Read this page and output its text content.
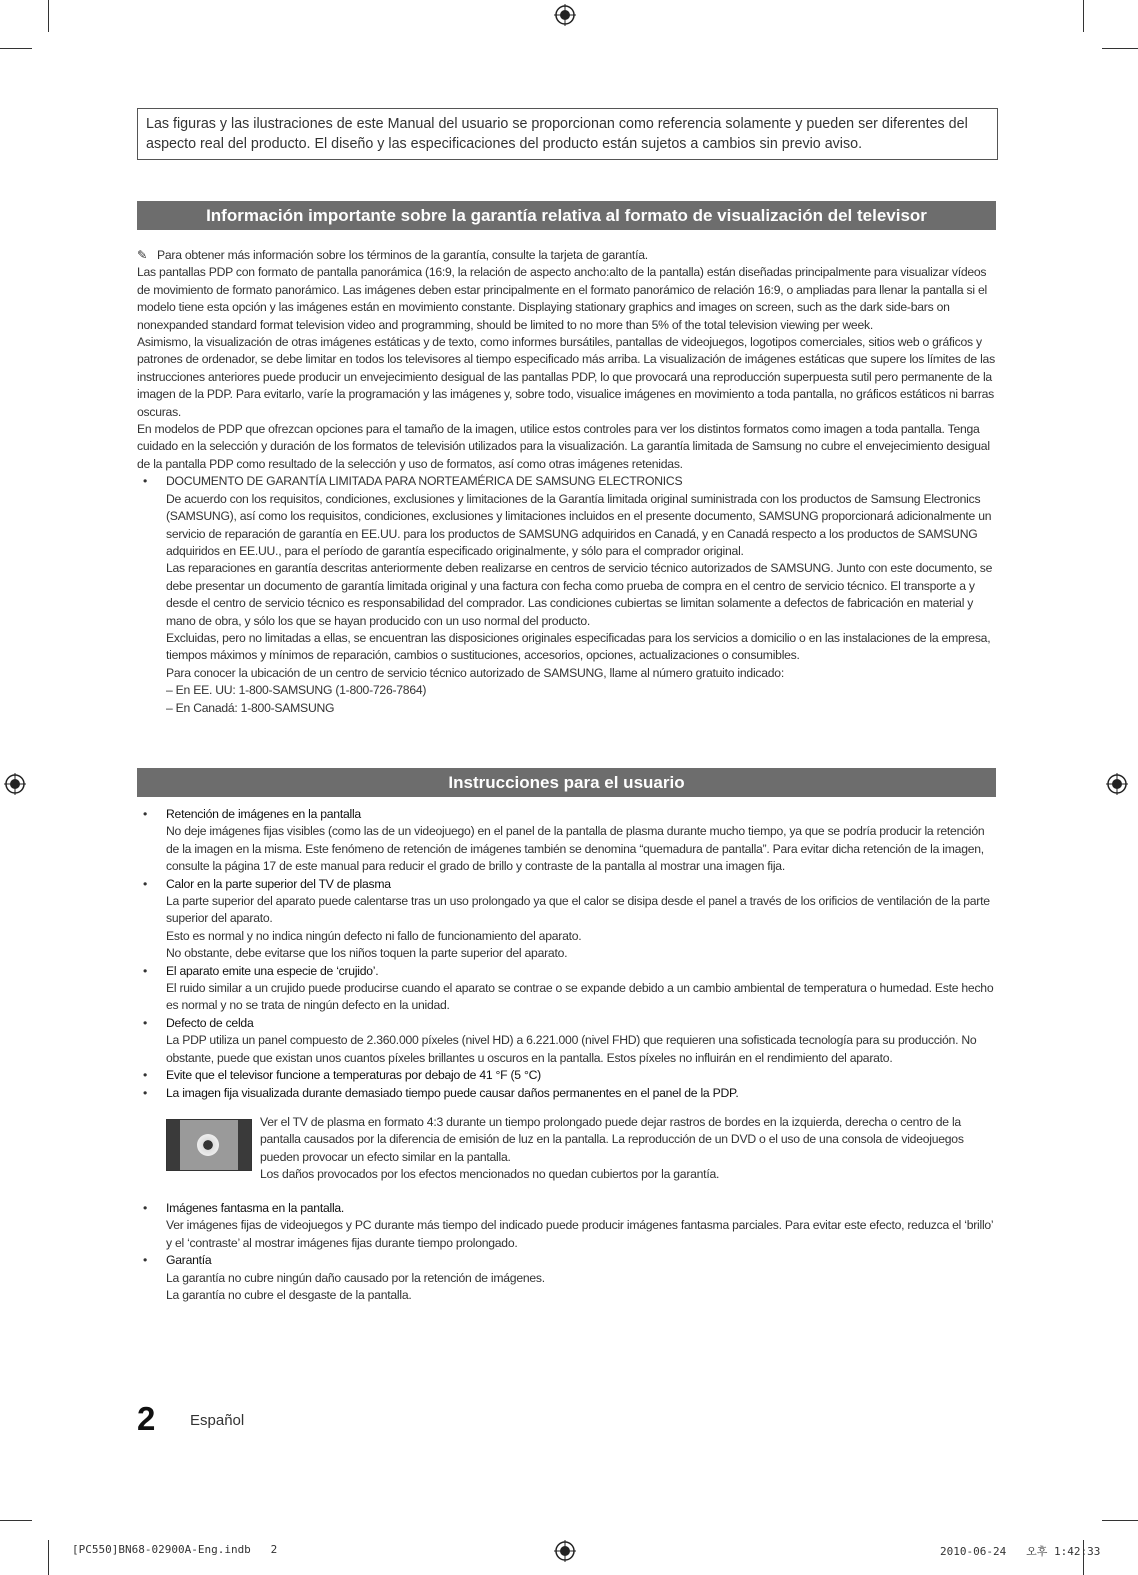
Las figuras y las ilustraciones de este Manual del usuario se proporcionan como referencia solamente y pueden ser diferentes del aspecto real del producto. El diseño y las especificaciones del producto están sujetos a cambios sin previo aviso.
Información importante sobre la garantía relativa al formato de visualización del televisor

✎ Para obtener más información sobre los términos de la garantía, consulte la tarjeta de garantía.

Las pantallas PDP con formato de pantalla panorámica (16:9, la relación de aspecto ancho:alto de la pantalla) están diseñadas principalmente para visualizar vídeos de movimiento de formato panorámico. Las imágenes deben estar principalmente en el formato panorámico de relación 16:9, o ampliadas para llenar la pantalla si el modelo tiene esta opción y las imágenes están en movimiento constante. Displaying stationary graphics and images on screen, such as the dark side-bars on nonexpanded standard format television video and programming, should be limited to no more than 5% of the total television viewing per week.

Asimismo, la visualización de otras imágenes estáticas y de texto, como informes bursátiles, pantallas de videojuegos, logotipos comerciales, sitios web o gráficos y patrones de ordenador, se debe limitar en todos los televisores al tiempo especificado más arriba. La visualización de imágenes estáticas que supere los límites de las instrucciones anteriores puede producir un envejecimiento desigual de las pantallas PDP, lo que provocará una reproducción superpuesta sutil pero permanente de la imagen de la PDP. Para evitarlo, varíe la programación y las imágenes y, sobre todo, visualice imágenes en movimiento a toda pantalla, no gráficos estáticos ni barras oscuras.

En modelos de PDP que ofrezcan opciones para el tamaño de la imagen, utilice estos controles para ver los distintos formatos como imagen a toda pantalla. Tenga cuidado en la selección y duración de los formatos de televisión utilizados para la visualización. La garantía limitada de Samsung no cubre el envejecimiento desigual de la pantalla PDP como resultado de la selección y uso de formatos, así como otras imágenes retenidas.

• DOCUMENTO DE GARANTÍA LIMITADA PARA NORTEAMÉRICA DE SAMSUNG ELECTRONICS

De acuerdo con los requisitos, condiciones, exclusiones y limitaciones de la Garantía limitada original suministrada con los productos de Samsung Electronics (SAMSUNG), así como los requisitos, condiciones, exclusiones y limitaciones incluidos en el presente documento, SAMSUNG proporcionará adicionalmente un servicio de reparación de garantía en EE.UU. para los productos de SAMSUNG adquiridos en Canadá, y en Canadá respecto a los productos de SAMSUNG adquiridos en EE.UU., para el período de garantía especificado originalmente, y sólo para el comprador original.

Las reparaciones en garantía descritas anteriormente deben realizarse en centros de servicio técnico autorizados de SAMSUNG. Junto con este documento, se debe presentar un documento de garantía limitada original y una factura con fecha como prueba de compra en el centro de servicio técnico. El transporte a y desde el centro de servicio técnico es responsabilidad del comprador. Las condiciones cubiertas se limitan solamente a defectos de fabricación en material y mano de obra, y sólo los que se hayan producido con un uso normal del producto.

Excluidas, pero no limitadas a ellas, se encuentran las disposiciones originales especificadas para los servicios a domicilio o en las instalaciones de la empresa, tiempos máximos y mínimos de reparación, cambios o sustituciones, accesorios, opciones, actualizaciones o consumibles.

Para conocer la ubicación de un centro de servicio técnico autorizado de SAMSUNG, llame al número gratuito indicado:

– En EE. UU: 1-800-SAMSUNG (1-800-726-7864)

– En Canadá: 1-800-SAMSUNG

Instrucciones para el usuario
• Retención de imágenes en la pantalla

No deje imágenes fijas visibles (como las de un videojuego) en el panel de la pantalla de plasma durante mucho tiempo, ya que se podría producir la retención de la imagen en la misma. Este fenómeno de retención de imágenes también se denomina “quemadura de pantalla”. Para evitar dicha retención de la imagen, consulte la página 17 de este manual para reducir el grado de brillo y contraste de la pantalla al mostrar una imagen fija.

• Calor en la parte superior del TV de plasma

La parte superior del aparato puede calentarse tras un uso prolongado ya que el calor se disipa desde el panel a través de los orificios de ventilación de la parte superior del aparato.

Esto es normal y no indica ningún defecto ni fallo de funcionamiento del aparato.

No obstante, debe evitarse que los niños toquen la parte superior del aparato.

• El aparato emite una especie de ‘crujido’.

El ruido similar a un crujido puede producirse cuando el aparato se contrae o se expande debido a un cambio ambiental de temperatura o humedad. Este hecho es normal y no se trata de ningún defecto en la unidad.

• Defecto de celda

La PDP utiliza un panel compuesto de 2.360.000 píxeles (nivel HD) a 6.221.000 (nivel FHD) que requieren una sofisticada tecnología para su producción. No obstante, puede que existan unos cuantos píxeles brillantes u oscuros en la pantalla. Estos píxeles no influirán en el rendimiento del aparato.

• Evite que el televisor funcione a temperaturas por debajo de 41 °F (5 °C)

• La imagen fija visualizada durante demasiado tiempo puede causar daños permanentes en el panel de la PDP.

Ver el TV de plasma en formato 4:3 durante un tiempo prolongado puede dejar rastros de bordes en la izquierda, derecha o centro de la pantalla causados por la diferencia de emisión de luz en la pantalla. La reproducción de un DVD o el uso de una consola de videojuegos pueden provocar un efecto similar en la pantalla.

Los daños provocados por los efectos mencionados no quedan cubiertos por la garantía.

• Imágenes fantasma en la pantalla.

Ver imágenes fijas de videojuegos y PC durante más tiempo del indicado puede producir imágenes fantasma parciales. Para evitar este efecto, reduzca el ‘brillo’ y el ‘contraste’ al mostrar imágenes fijas durante tiempo prolongado.

• Garantía

La garantía no cubre ningún daño causado por la retención de imágenes.

La garantía no cubre el desgaste de la pantalla.

2 Español
[PC550]BN68-02900A-Eng.indb   2	2010-06-24   오후 1:42:33
